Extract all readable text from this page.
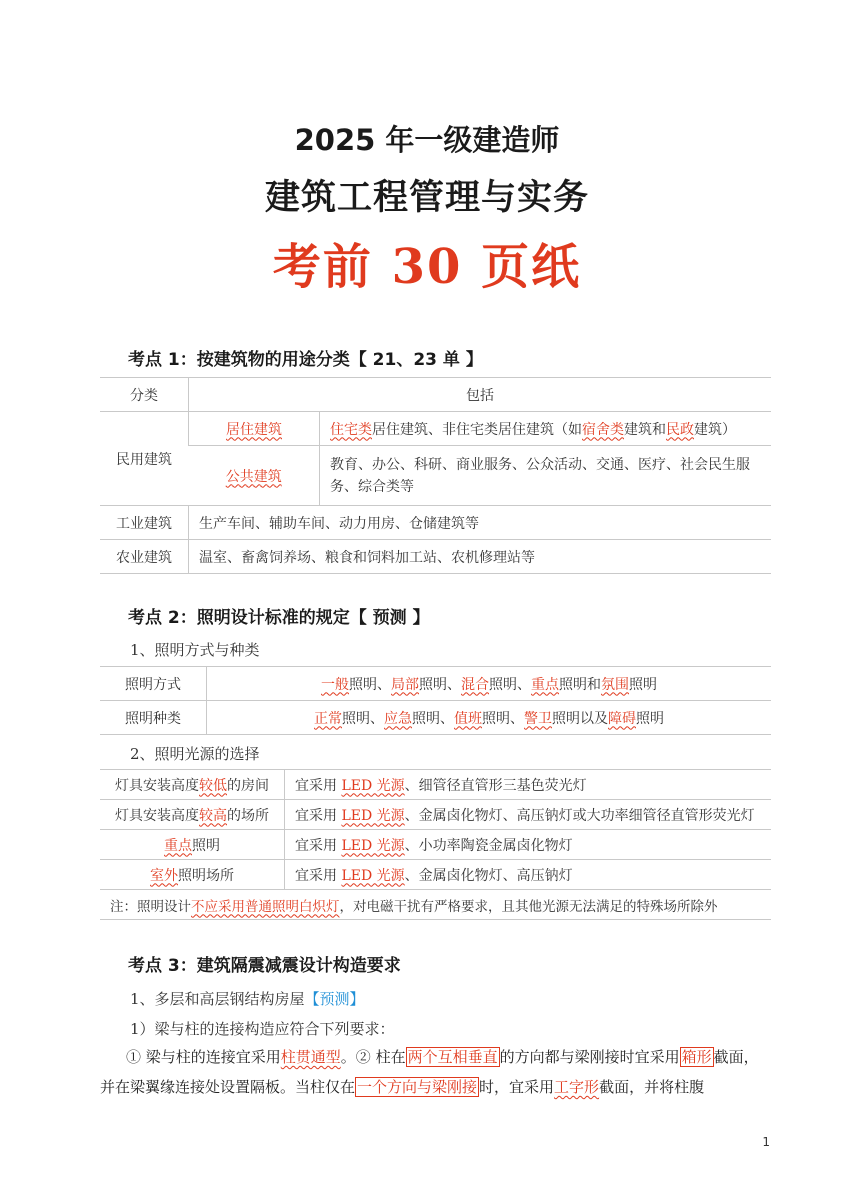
2025 年一级建造师
建筑工程管理与实务
考前 30 页纸
考点 1：按建筑物的用途分类【 21、23 单 】
分类	包括	
民用建筑	居住建筑	住宅类居住建筑、非住宅类居住建筑（如宿舍类建筑和民政建筑）
	公共建筑	教育、办公、科研、商业服务、公众活动、交通、医疗、社会民生服务、综合类等
工业建筑	生产车间、辅助车间、动力用房、仓储建筑等	
农业建筑	温室、畜禽饲养场、粮食和饲料加工站、农机修理站等	
考点 2：照明设计标准的规定【 预测 】
1、照明方式与种类
照明方式	一般照明、局部照明、混合照明、重点照明和氛围照明
照明种类	正常照明、应急照明、值班照明、警卫照明以及障碍照明
2、照明光源的选择
灯具安装高度较低的房间	宜采用 LED 光源、细管径直管形三基色荧光灯
灯具安装高度较高的场所	宜采用 LED 光源、金属卤化物灯、高压钠灯或大功率细管径直管形荧光灯
重点照明	宜采用 LED 光源、小功率陶瓷金属卤化物灯
室外照明场所	宜采用 LED 光源、金属卤化物灯、高压钠灯
注：照明设计不应采用普通照明白炽灯，对电磁干扰有严格要求，且其他光源无法满足的特殊场所除外	
考点 3：建筑隔震减震设计构造要求
1、多层和高层钢结构房屋【预测】
1）梁与柱的连接构造应符合下列要求：
① 梁与柱的连接宜采用柱贯通型。② 柱在 两个互相垂直 的方向都与梁刚接时宜采用 箱形 截面，并在梁翼缘连接处设置隔板。当柱仅在 一个方向与梁刚接 时，宜采用工字形截面，并将柱腹
1
